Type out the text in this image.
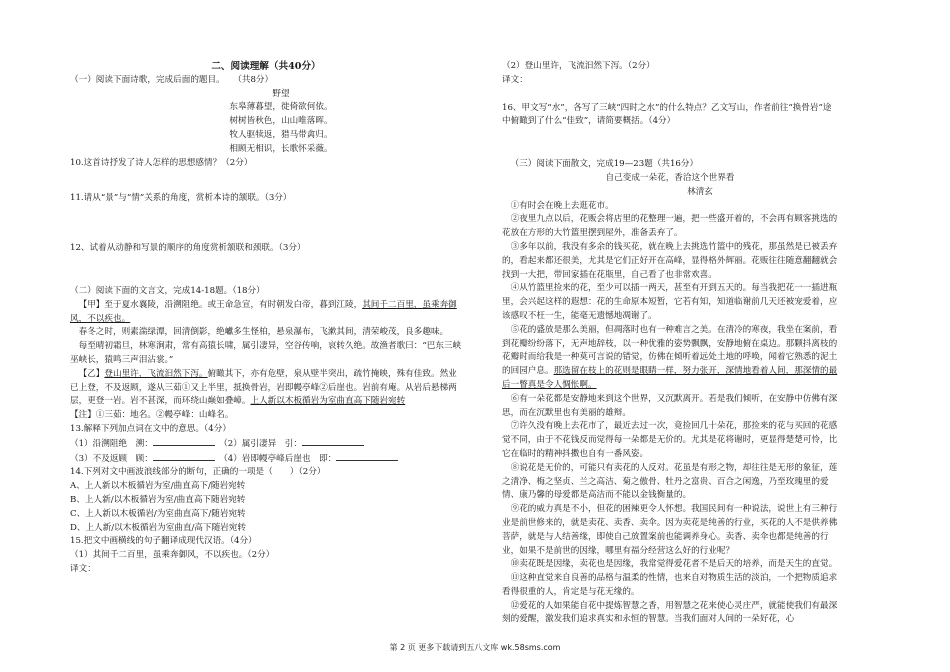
二、阅读理解（共40分）

（一）阅读下面诗歌，完成后面的题目。　　（共8分）

野望

东皋薄暮望，徙倚欲何依。

树树皆秋色，山山唯落晖。

牧人驱犊返，猎马带禽归。

相顾无相识，长歌怀采薇。

10.这首诗抒发了诗人怎样的思想感情？（2分）

11.请从“景”与“情”关系的角度，赏析本诗的颔联。（3分）

12、试着从动静和写景的顺序的角度赏析颔联和颈联。（3分）

（二）阅读下面的文言文，完成14-18题。（18分）

【甲】至于夏水襄陵，沿溯阻绝。或王命急宣，有时朝发白帝，暮到江陵，其间千二百里，虽乘奔御风，不以疾也。

春冬之时，则素湍绿潭，回清倒影，绝巘多生怪柏，悬泉瀑布，飞漱其间，清荣峻茂，良多趣味。

每至晴初霜旦，林寒涧肃，常有高猿长啸，属引凄异，空谷传响，哀转久绝。故渔者歌曰：“巴东三峡巫峡长，猿鸣三声泪沾裳。”

【乙】登山里许，飞流汩然下泻。俯瞰其下，亦有危壁，泉从壁半突出，疏竹掩映，殊有佳致。然业已上登，不及返顾，遂从三茹①又上半里，抵换骨岩，岩即幔亭峰②后崖也。岩前有庵。从岩后悬梯两层，更登一岩。岩不甚深，而环绕山巅如叠嶂。上人新以木板循岩为室曲直高下随岩宛转

【注】①三茹：地名。②幔亭峰：山峰名。

13.解释下列加点词在文中的意思。（4分）

（1）沿溯阻绝　 溯：　	（2）属引凄异　 引：

（3）不及返顾　 顾：　	（4）岩即幔亭峰后崖也　 即：

14.下列对文中画波浪线部分的断句，正确的一项是（　　）（2分）

A、上人新以木板循岩为室/曲直高下/随岩宛转

B、上人新/以木板循岩为室/曲直高下随岩宛转

C、上人新以木板循岩/为室曲直高下/随岩宛转

D、上人新/以木板循岩为室曲直/高下随岩宛转

15.把文中画横线的句子翻译成现代汉语。（4分）

（1）其间千二百里，虽乘奔御风，不以疾也。（2分）

译文：

（2）登山里许，飞流汩然下泻。（2分）

译文：

16、甲文写“水”，各写了三峡“四时之水”的什么特点？乙文写山，作者前往“换骨岩”途中俯瞰到了什么“佳致”，请简要概括。（4分）

（三）阅读下面散文，完成19—23题（共16分）

自己变成一朵花，香洽这个世界看

林清玄

①有时会在晚上去逛花市。

②夜里九点以后，花贩会将店里的花整理一遍，把一些盛开着的，不会再有顾客挑选的花放在方形的大竹篮里摆到屋外，准备丢弃了。

③多年以前，我没有多余的钱买花，就在晚上去挑选竹篮中的残花，那虽然是已被丢弃的，看起来都还很美，尤其是它们正好开在高峰，显得格外辉丽。花贩往往随意翻翻就会找到一大把，带回家插在花瓶里，自己看了也非常欢喜。

④从竹篮里捡来的花，至少可以插一两天，甚至有开到五天的。每当我把花一一插进瓶里，会兴起这样的遐想：花的生命原本短暂，它若有知，知道临谢前几天还被宠爱着，应该感叹不枉一生，能毫无遗憾地凋谢了。

⑤花的盛放是那么美丽，但凋落时也有一种难言之美。在清冷的寒夜，我坐在案前，看到花瓣纷纷落下，无声地辞枝，以一种优雅的姿势飘飘，安静地俯在桌边。那颗抖离枝的花瓣时而给我是一种莫可言说的错觉，仿佛在倾听着远处土地的呼唤，闻着它熟悉的泥土的回园户息。那选留在枝上的花则是眼睛一样，努力张开，深情地看着人间，那深情的最后一瞥真是令人惆怅啊。

⑥有一朵花都是安静地来到这个世界，又沉默离开。若是我们倾听，在安静中仿佛有深思，而在沉默里也有美丽的雄辩。

⑦许久没有晚上去花市了，最近去过一次，竟捡回几十朵花，那捡来的花与买回的花感觉不同，由于不花钱反而觉得每一朵都是无价的。尤其是花将谢时，更显得楚楚可怜，比它在临时的精神抖擞也自有一番风姿。

⑧说花是无价的，可能只有卖花的人反对。花虽是有形之物，却往往是无形的象征，莲之清净、梅之坚贞、兰之高洁、菊之傲骨、牡丹之富贵、百合之闲逸，乃至玫瑰里的爱情、康乃馨的母爱都是高洁而不能以金钱衡量的。

⑨花的威力真是不小，但花的困辣更令人怀想。我国民间有一种说法，说世上有三种行业是前世修来的，就是卖花、卖香、卖伞。因为卖花是纯善的行业，买花的人不是供养佛菩萨，就是与人结善缘，即使自己放置案前也能调养身心。卖香、卖伞也都是纯善的行业，如果不是前世的因缘，哪里有福分经营这么好的行业呢？

⑩卖花既是因缘，卖花也是因缘，我常觉得爱花者不是后天的培养，而是天生的直觉。

⑪这种直觉来自良善的品格与温柔的性情，也来自对物质生活的淡泊，一个把物质追求看得很重的人，肯定是与花无缘的。

⑫爱花的人如果能自花中提炼智慧之香，用智慧之花来使心灵庄严，就能使我们有最深刻的爱醒，激发我们追求真实和永恒的智慧。当我们面对人间的一朵好花，心

第 2 页 更多下载请到五八文库 wk.58sms.com
